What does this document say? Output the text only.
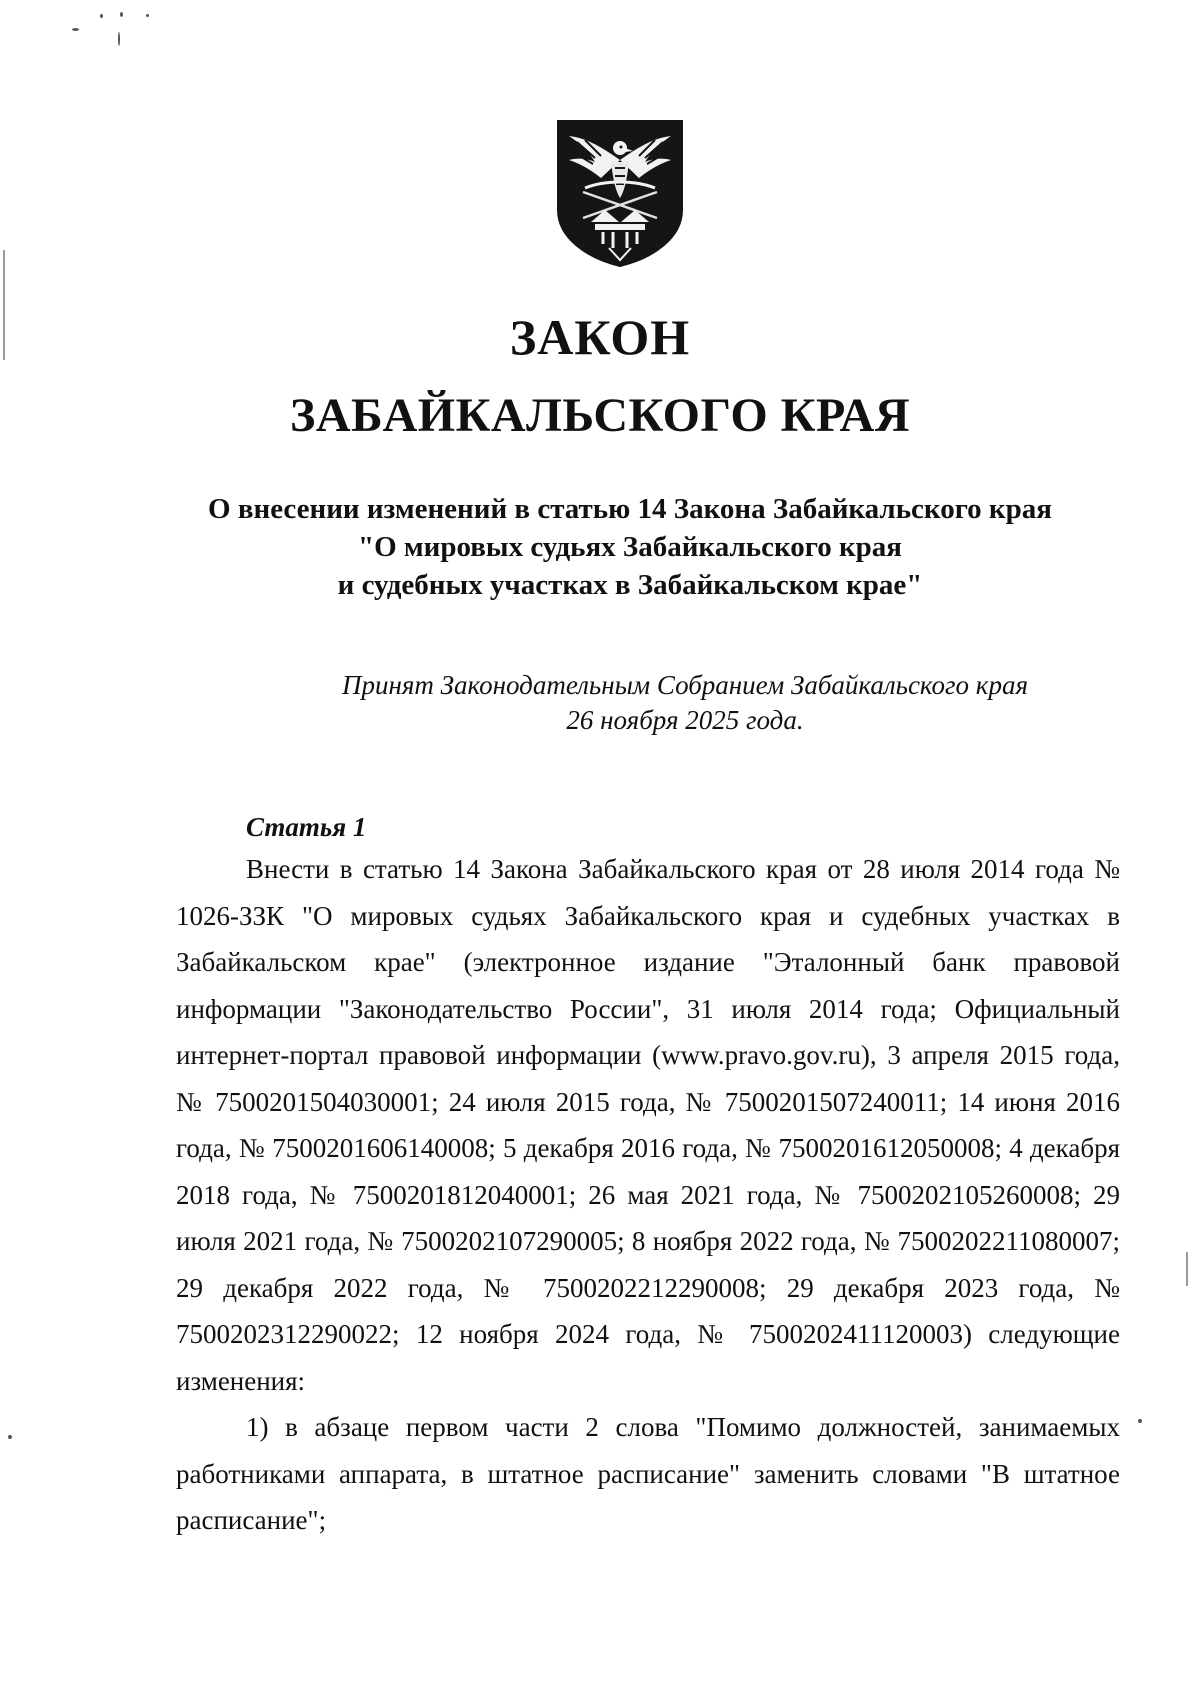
ЗАКОН
ЗАБАЙКАЛЬСКОГО КРАЯ
О внесении изменений в статью 14 Закона Забайкальского края
"О мировых судьях Забайкальского края
и судебных участках в Забайкальском крае"
Принят Законодательным Собранием Забайкальского края
26 ноября 2025 года.
Статья 1

Внести в статью 14 Закона Забайкальского края от 28 июля 2014 года № 1026-ЗЗК "О мировых судьях Забайкальского края и судебных участках в Забайкальском крае" (электронное издание "Эталонный банк правовой информации "Законодательство России", 31 июля 2014 года; Официальный интернет-портал правовой информации (www.pravo.gov.ru), 3 апреля 2015 года, № 7500201504030001; 24 июля 2015 года, № 7500201507240011; 14 июня 2016 года, № 7500201606140008; 5 декабря 2016 года, № 7500201612050008; 4 декабря 2018 года, № 7500201812040001; 26 мая 2021 года, № 7500202105260008; 29 июля 2021 года, № 7500202107290005; 8 ноября 2022 года, № 7500202211080007; 29 декабря 2022 года, № 7500202212290008; 29 декабря 2023 года, № 7500202312290022; 12 ноября 2024 года, № 7500202411120003) следующие изменения:

1) в абзаце первом части 2 слова "Помимо должностей, занимаемых работниками аппарата, в штатное расписание" заменить словами "В штатное расписание";
